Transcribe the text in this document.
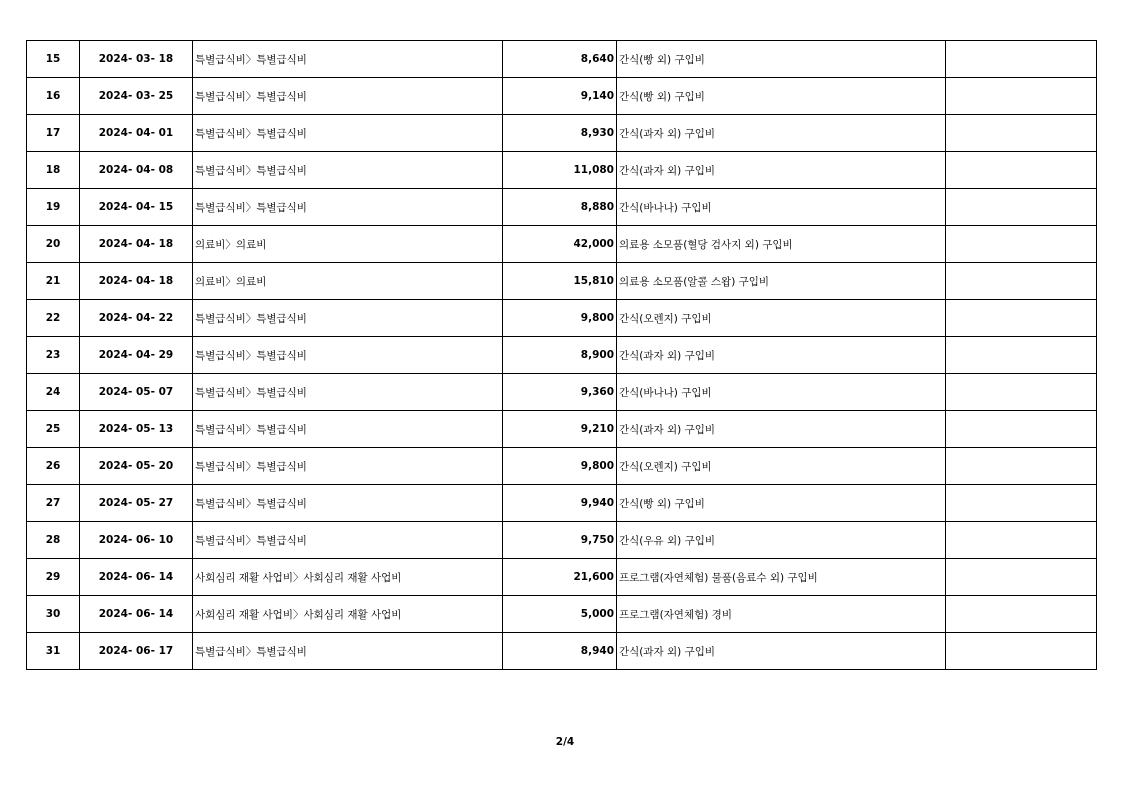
15	2024- 03- 18	특별급식비〉특별급식비	8,640	간식(빵 외) 구입비	
16	2024- 03- 25	특별급식비〉특별급식비	9,140	간식(빵 외) 구입비	
17	2024- 04- 01	특별급식비〉특별급식비	8,930	간식(과자 외) 구입비	
18	2024- 04- 08	특별급식비〉특별급식비	11,080	간식(과자 외) 구입비	
19	2024- 04- 15	특별급식비〉특별급식비	8,880	간식(바나나) 구입비	
20	2024- 04- 18	의료비〉의료비	42,000	의료용 소모품(혈당 검사지 외) 구입비	
21	2024- 04- 18	의료비〉의료비	15,810	의료용 소모품(알콜 스왑) 구입비	
22	2024- 04- 22	특별급식비〉특별급식비	9,800	간식(오렌지) 구입비	
23	2024- 04- 29	특별급식비〉특별급식비	8,900	간식(과자 외) 구입비	
24	2024- 05- 07	특별급식비〉특별급식비	9,360	간식(바나나) 구입비	
25	2024- 05- 13	특별급식비〉특별급식비	9,210	간식(과자 외) 구입비	
26	2024- 05- 20	특별급식비〉특별급식비	9,800	간식(오렌지) 구입비	
27	2024- 05- 27	특별급식비〉특별급식비	9,940	간식(빵 외) 구입비	
28	2024- 06- 10	특별급식비〉특별급식비	9,750	간식(우유 외) 구입비	
29	2024- 06- 14	사회심리 재활 사업비〉사회심리 재활 사업비	21,600	프로그램(자연체험) 물품(음료수 외) 구입비	
30	2024- 06- 14	사회심리 재활 사업비〉사회심리 재활 사업비	5,000	프로그램(자연체험) 경비	
31	2024- 06- 17	특별급식비〉특별급식비	8,940	간식(과자 외) 구입비	
2/4
